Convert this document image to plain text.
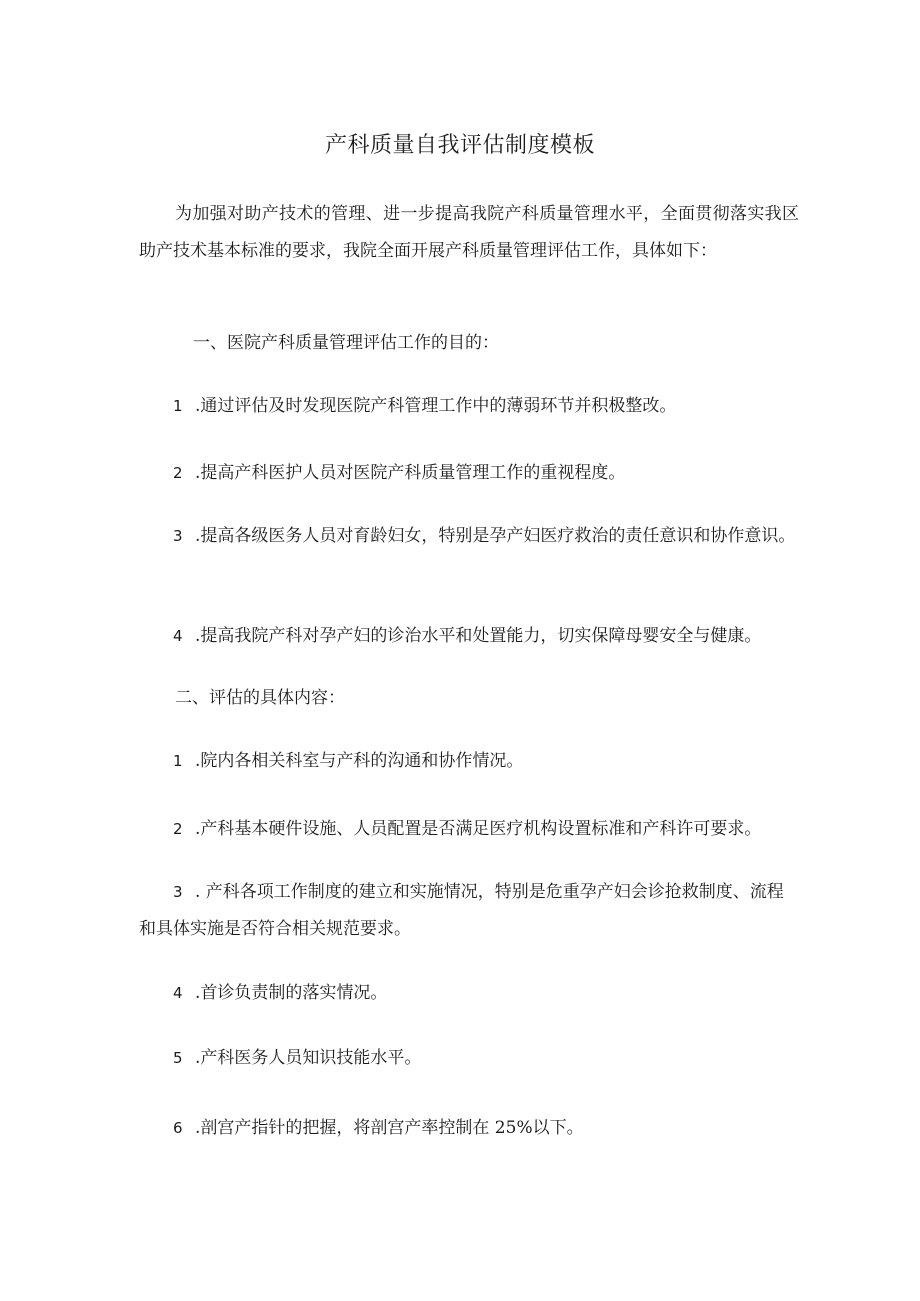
产科质量自我评估制度模板

为加强对助产技术的管理、进一步提高我院产科质量管理水平，全面贯彻落实我区助产技术基本标准的要求，我院全面开展产科质量管理评估工作，具体如下：

一、医院产科质量管理评估工作的目的：

1 .通过评估及时发现医院产科管理工作中的薄弱环节并积极整改。

2 .提高产科医护人员对医院产科质量管理工作的重视程度。

3 .提高各级医务人员对育龄妇女，特别是孕产妇医疗救治的责任意识和协作意识。

4 .提高我院产科对孕产妇的诊治水平和处置能力，切实保障母婴安全与健康。

二、评估的具体内容：

1 .院内各相关科室与产科的沟通和协作情况。

2 .产科基本硬件设施、人员配置是否满足医疗机构设置标准和产科许可要求。

3 . 产科各项工作制度的建立和实施情况，特别是危重孕产妇会诊抢救制度、流程和具体实施是否符合相关规范要求。

4 .首诊负责制的落实情况。

5 .产科医务人员知识技能水平。

6 .剖宫产指针的把握，将剖宫产率控制在 25%以下。
